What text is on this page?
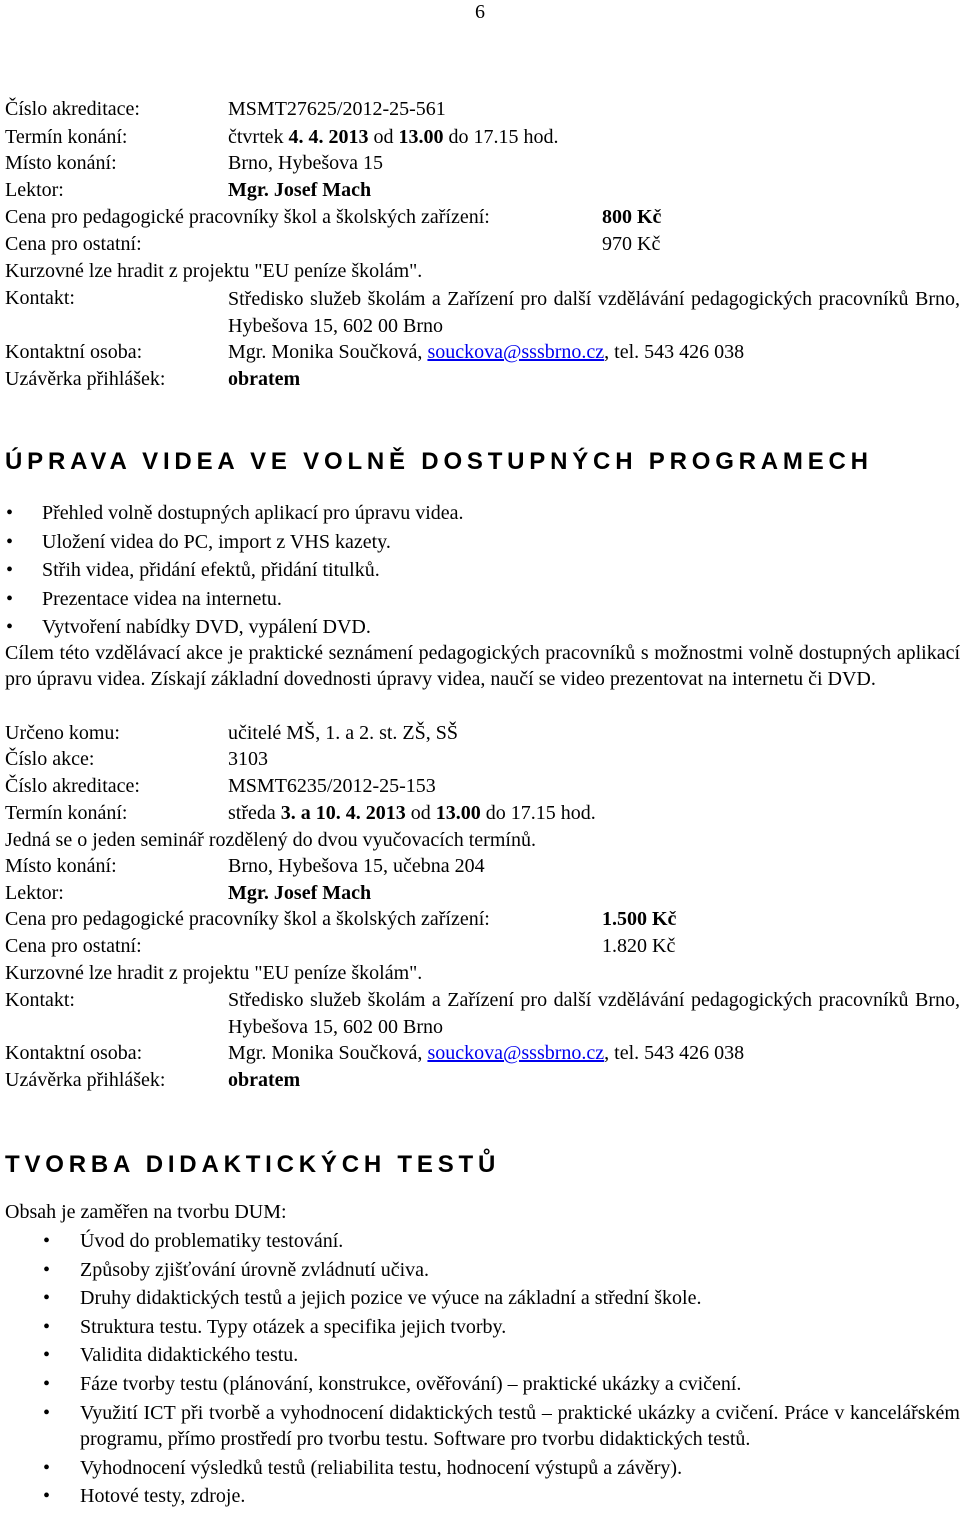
6
Číslo akreditace:	MSMT27625/2012-25-561
Termín konání:	čtvrtek 4. 4. 2013 od 13.00 do 17.15 hod.
Místo konání:	Brno, Hybešova 15
Lektor:	Mgr. Josef Mach
Cena pro pedagogické pracovníky škol a školských zařízení:	800 Kč
Cena pro ostatní:	970 Kč
Kurzovné lze hradit z projektu "EU peníze školám".
Kontakt:	Středisko služeb školám a Zařízení pro další vzdělávání pedagogických pracovníků Brno, Hybešova 15, 602 00 Brno
Kontaktní osoba:	Mgr. Monika Součková, souckova@sssbrno.cz, tel. 543 426 038
Uzávěrka přihlášek:	obratem
ÚPRAVA VIDEA VE VOLNĚ DOSTUPNÝCH PROGRAMECH
• Přehled volně dostupných aplikací pro úpravu videa.
• Uložení videa do PC, import z VHS kazety.
• Střih videa, přidání efektů, přidání titulků.
• Prezentace videa na internetu.
• Vytvoření nabídky DVD, vypálení DVD.
Cílem této vzdělávací akce je praktické seznámení pedagogických pracovníků s možnostmi volně dostupných aplikací pro úpravu videa. Získají základní dovednosti úpravy videa, naučí se video prezentovat na internetu či DVD.
Určeno komu:	učitelé MŠ, 1. a 2. st. ZŠ, SŠ
Číslo akce:	3103
Číslo akreditace:	MSMT6235/2012-25-153
Termín konání:	středa 3. a 10. 4. 2013 od 13.00 do 17.15 hod.
Jedná se o jeden seminář rozdělený do dvou vyučovacích termínů.
Místo konání:	Brno, Hybešova 15, učebna 204
Lektor:	Mgr. Josef Mach
Cena pro pedagogické pracovníky škol a školských zařízení:	1.500 Kč
Cena pro ostatní:	1.820 Kč
Kurzovné lze hradit z projektu "EU peníze školám".
Kontakt:	Středisko služeb školám a Zařízení pro další vzdělávání pedagogických pracovníků Brno, Hybešova 15, 602 00 Brno
Kontaktní osoba:	Mgr. Monika Součková, souckova@sssbrno.cz, tel. 543 426 038
Uzávěrka přihlášek:	obratem
TVORBA DIDAKTICKÝCH TESTŮ
Obsah je zaměřen na tvorbu DUM:
• Úvod do problematiky testování.
• Způsoby zjišťování úrovně zvládnutí učiva.
• Druhy didaktických testů a jejich pozice ve výuce na základní a střední škole.
• Struktura testu. Typy otázek a specifika jejich tvorby.
• Validita didaktického testu.
• Fáze tvorby testu (plánování, konstrukce, ověřování) – praktické ukázky a cvičení.
• Využití ICT při tvorbě a vyhodnocení didaktických testů – praktické ukázky a cvičení. Práce v kancelářském programu, přímo prostředí pro tvorbu testu. Software pro tvorbu didaktických testů.
• Vyhodnocení výsledků testů (reliabilita testu, hodnocení výstupů a závěry).
• Hotové testy, zdroje.
